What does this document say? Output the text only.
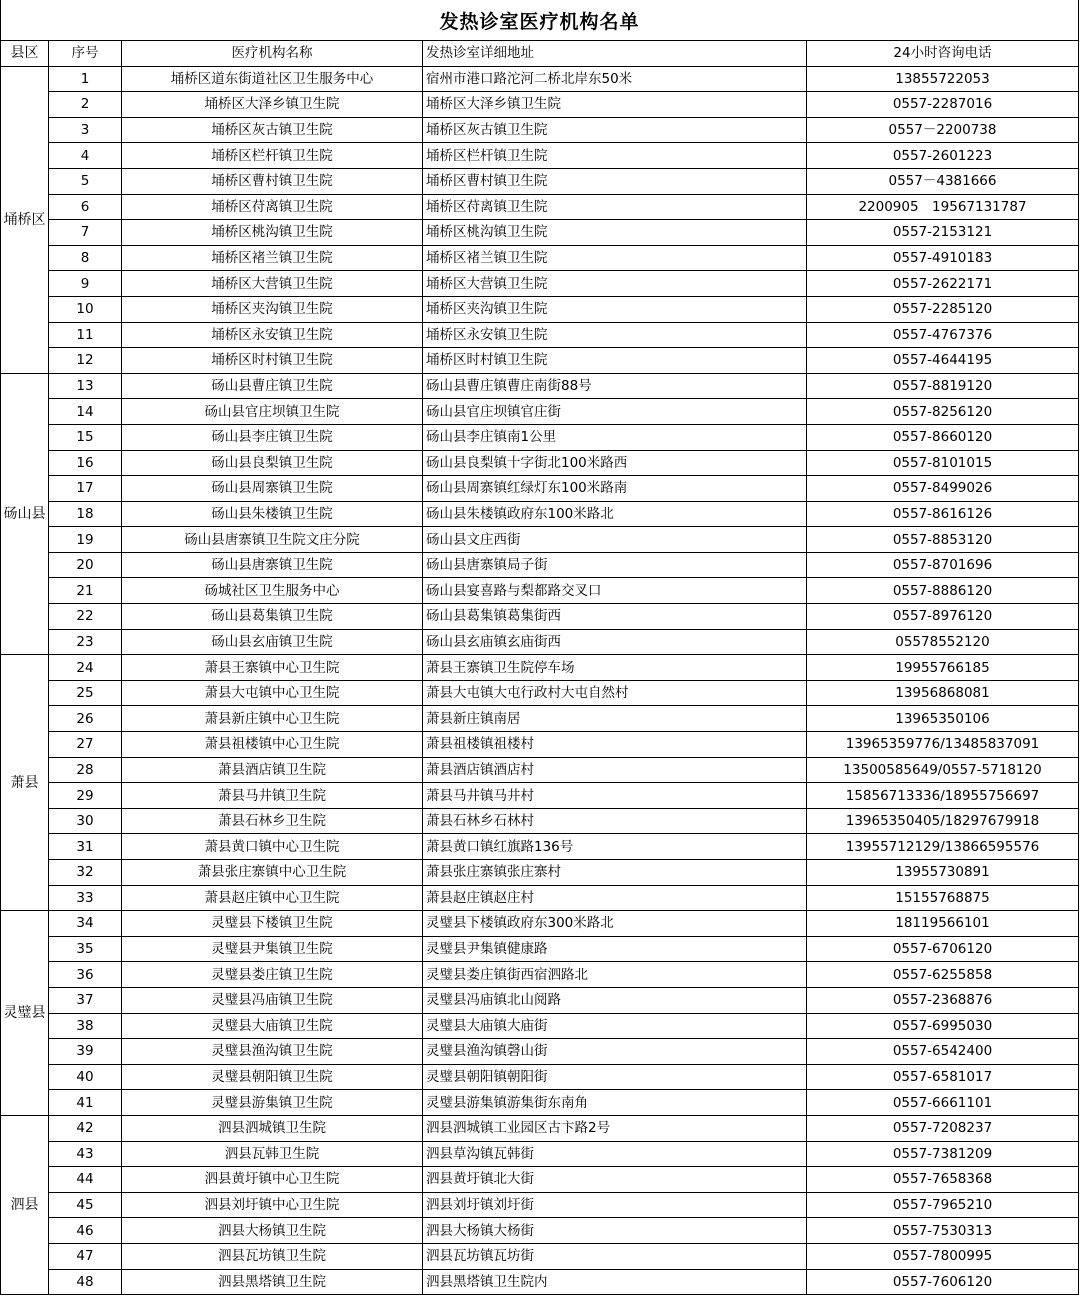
发热诊室医疗机构名单
县区	序号	医疗机构名称	发热诊室详细地址	24小时咨询电话
埇桥区	1	埇桥区道东街道社区卫生服务中心	宿州市港口路沱河二桥北岸东50米	13855722053
	2	埇桥区大泽乡镇卫生院	埇桥区大泽乡镇卫生院	0557-2287016
	3	埇桥区灰古镇卫生院	埇桥区灰古镇卫生院	0557－2200738
	4	埇桥区栏杆镇卫生院	埇桥区栏杆镇卫生院	0557-2601223
	5	埇桥区曹村镇卫生院	埇桥区曹村镇卫生院	0557－4381666
	6	埇桥区苻离镇卫生院	埇桥区苻离镇卫生院	2200905　19567131787
	7	埇桥区桃沟镇卫生院	埇桥区桃沟镇卫生院	0557-2153121
	8	埇桥区褚兰镇卫生院	埇桥区褚兰镇卫生院	0557-4910183
	9	埇桥区大营镇卫生院	埇桥区大营镇卫生院	0557-2622171
	10	埇桥区夹沟镇卫生院	埇桥区夹沟镇卫生院	0557-2285120
	11	埇桥区永安镇卫生院	埇桥区永安镇卫生院	0557-4767376
	12	埇桥区时村镇卫生院	埇桥区时村镇卫生院	0557-4644195
砀山县	13	砀山县曹庄镇卫生院	砀山县曹庄镇曹庄南街88号	0557-8819120
	14	砀山县官庄坝镇卫生院	砀山县官庄坝镇官庄街	0557-8256120
	15	砀山县李庄镇卫生院	砀山县李庄镇南1公里	0557-8660120
	16	砀山县良梨镇卫生院	砀山县良梨镇十字街北100米路西	0557-8101015
	17	砀山县周寨镇卫生院	砀山县周寨镇红绿灯东100米路南	0557-8499026
	18	砀山县朱楼镇卫生院	砀山县朱楼镇政府东100米路北	0557-8616126
	19	砀山县唐寨镇卫生院文庄分院	砀山县文庄西街	0557-8853120
	20	砀山县唐寨镇卫生院	砀山县唐寨镇局子街	0557-8701696
	21	砀城社区卫生服务中心	砀山县宴喜路与梨都路交叉口	0557-8886120
	22	砀山县葛集镇卫生院	砀山县葛集镇葛集街西	0557-8976120
	23	砀山县玄庙镇卫生院	砀山县玄庙镇玄庙街西	05578552120
萧县	24	萧县王寨镇中心卫生院	萧县王寨镇卫生院停车场	19955766185
	25	萧县大屯镇中心卫生院	萧县大屯镇大屯行政村大屯自然村	13956868081
	26	萧县新庄镇中心卫生院	萧县新庄镇南居	13965350106
	27	萧县祖楼镇中心卫生院	萧县祖楼镇祖楼村	13965359776/13485837091
	28	萧县酒店镇卫生院	萧县酒店镇酒店村	13500585649/0557-5718120
	29	萧县马井镇卫生院	萧县马井镇马井村	15856713336/18955756697
	30	萧县石林乡卫生院	萧县石林乡石林村	13965350405/18297679918
	31	萧县黄口镇中心卫生院	萧县黄口镇红旗路136号	13955712129/13866595576
	32	萧县张庄寨镇中心卫生院	萧县张庄寨镇张庄寨村	13955730891
	33	萧县赵庄镇中心卫生院	萧县赵庄镇赵庄村	15155768875
灵璧县	34	灵璧县下楼镇卫生院	灵璧县下楼镇政府东300米路北	18119566101
	35	灵璧县尹集镇卫生院	灵璧县尹集镇健康路	0557-6706120
	36	灵璧县娄庄镇卫生院	灵璧县娄庄镇街西宿泗路北	0557-6255858
	37	灵璧县冯庙镇卫生院	灵璧县冯庙镇北山阅路	0557-2368876
	38	灵璧县大庙镇卫生院	灵璧县大庙镇大庙街	0557-6995030
	39	灵璧县渔沟镇卫生院	灵璧县渔沟镇磬山街	0557-6542400
	40	灵璧县朝阳镇卫生院	灵璧县朝阳镇朝阳街	0557-6581017
	41	灵璧县游集镇卫生院	灵璧县游集镇游集街东南角	0557-6661101
泗县	42	泗县泗城镇卫生院	泗县泗城镇工业园区古卞路2号	0557-7208237
	43	泗县瓦韩卫生院	泗县草沟镇瓦韩街	0557-7381209
	44	泗县黄圩镇中心卫生院	泗县黄圩镇北大街	0557-7658368
	45	泗县刘圩镇中心卫生院	泗县刘圩镇刘圩街	0557-7965210
	46	泗县大杨镇卫生院	泗县大杨镇大杨街	0557-7530313
	47	泗县瓦坊镇卫生院	泗县瓦坊镇瓦坊街	0557-7800995
	48	泗县黑塔镇卫生院	泗县黑塔镇卫生院内	0557-7606120
